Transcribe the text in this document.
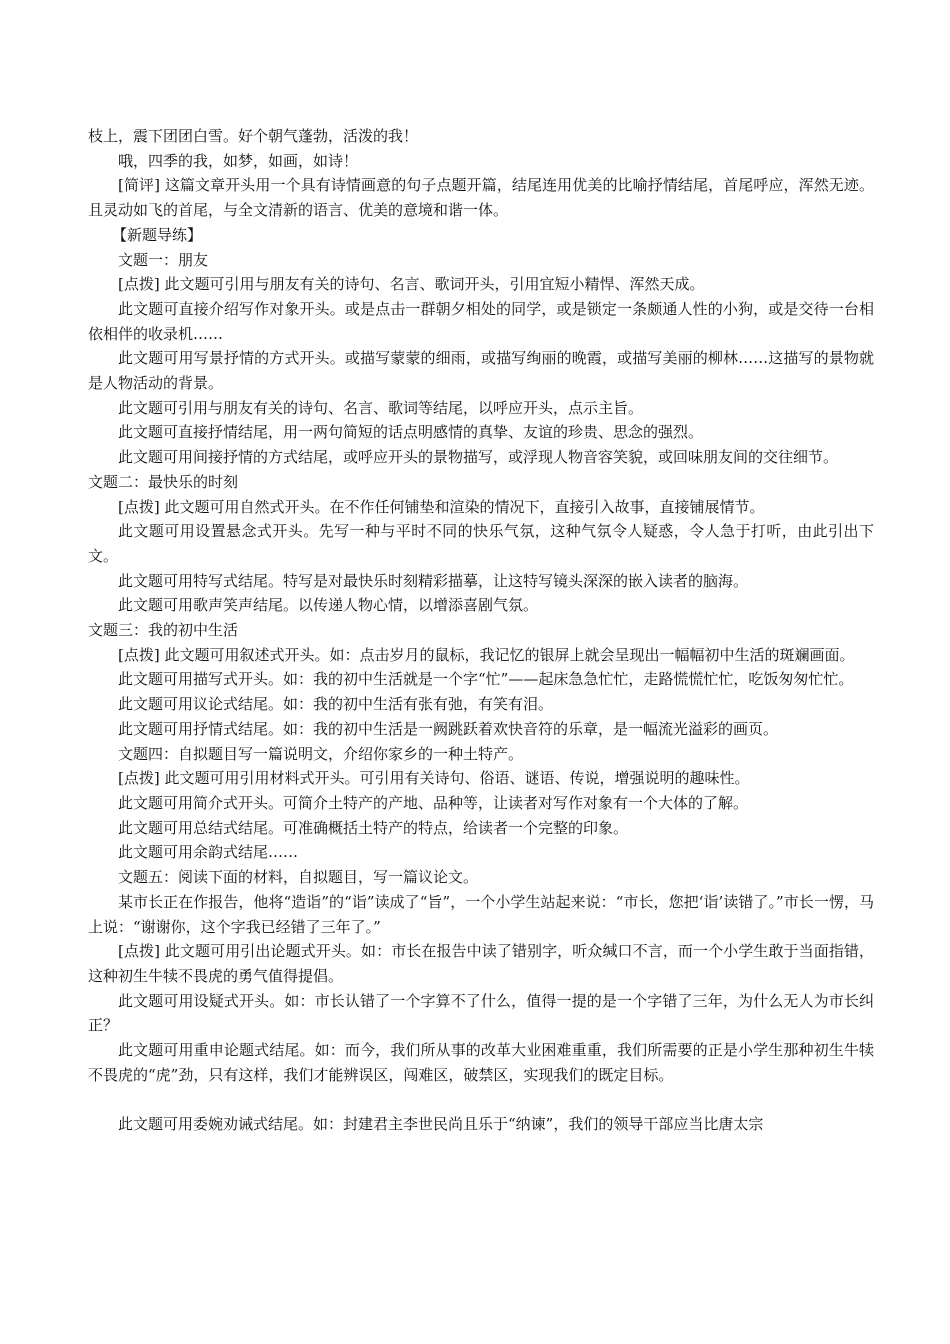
枝上，震下团团白雪。好个朝气蓬勃，活泼的我！

哦，四季的我，如梦，如画，如诗！

[简评] 这篇文章开头用一个具有诗情画意的句子点题开篇，结尾连用优美的比喻抒情结尾，首尾呼应，浑然无迹。且灵动如飞的首尾，与全文清新的语言、优美的意境和谐一体。

【新题导练】

文题一：朋友

[点拨] 此文题可引用与朋友有关的诗句、名言、歌词开头，引用宜短小精悍、浑然天成。

此文题可直接介绍写作对象开头。或是点击一群朝夕相处的同学，或是锁定一条颇通人性的小狗，或是交待一台相依相伴的收录机……

此文题可用写景抒情的方式开头。或描写蒙蒙的细雨，或描写绚丽的晚霞，或描写美丽的柳林……这描写的景物就是人物活动的背景。

此文题可引用与朋友有关的诗句、名言、歌词等结尾，以呼应开头，点示主旨。

此文题可直接抒情结尾，用一两句简短的话点明感情的真挚、友谊的珍贵、思念的强烈。

此文题可用间接抒情的方式结尾，或呼应开头的景物描写，或浮现人物音容笑貌，或回味朋友间的交往细节。

文题二：最快乐的时刻

[点拨] 此文题可用自然式开头。在不作任何铺垫和渲染的情况下，直接引入故事，直接铺展情节。

此文题可用设置悬念式开头。先写一种与平时不同的快乐气氛，这种气氛令人疑惑，令人急于打听，由此引出下文。

此文题可用特写式结尾。特写是对最快乐时刻精彩描摹，让这特写镜头深深的嵌入读者的脑海。

此文题可用歌声笑声结尾。以传递人物心情，以增添喜剧气氛。

文题三：我的初中生活

[点拨] 此文题可用叙述式开头。如：点击岁月的鼠标，我记忆的银屏上就会呈现出一幅幅初中生活的斑斓画面。

此文题可用描写式开头。如：我的初中生活就是一个字“忙”——起床急急忙忙，走路慌慌忙忙，吃饭匆匆忙忙。

此文题可用议论式结尾。如：我的初中生活有张有弛，有笑有泪。

此文题可用抒情式结尾。如：我的初中生活是一阙跳跃着欢快音符的乐章，是一幅流光溢彩的画页。

文题四：自拟题目写一篇说明文，介绍你家乡的一种土特产。

[点拨] 此文题可用引用材料式开头。可引用有关诗句、俗语、谜语、传说，增强说明的趣味性。

此文题可用简介式开头。可简介土特产的产地、品种等，让读者对写作对象有一个大体的了解。

此文题可用总结式结尾。可准确概括土特产的特点，给读者一个完整的印象。

此文题可用余韵式结尾……

文题五：阅读下面的材料，自拟题目，写一篇议论文。

某市长正在作报告，他将“造诣”的“诣”读成了“旨”，一个小学生站起来说：“市长，您把‘诣’读错了。”市长一愣，马上说：“谢谢你，这个字我已经错了三年了。”

[点拨] 此文题可用引出论题式开头。如：市长在报告中读了错别字，听众缄口不言，而一个小学生敢于当面指错，这种初生牛犊不畏虎的勇气值得提倡。

此文题可用设疑式开头。如：市长认错了一个字算不了什么，值得一提的是一个字错了三年，为什么无人为市长纠正？

此文题可用重申论题式结尾。如：而今，我们所从事的改革大业困难重重，我们所需要的正是小学生那种初生牛犊不畏虎的“虎”劲，只有这样，我们才能辨误区，闯难区，破禁区，实现我们的既定目标。

此文题可用委婉劝诫式结尾。如：封建君主李世民尚且乐于“纳谏”，我们的领导干部应当比唐太宗
